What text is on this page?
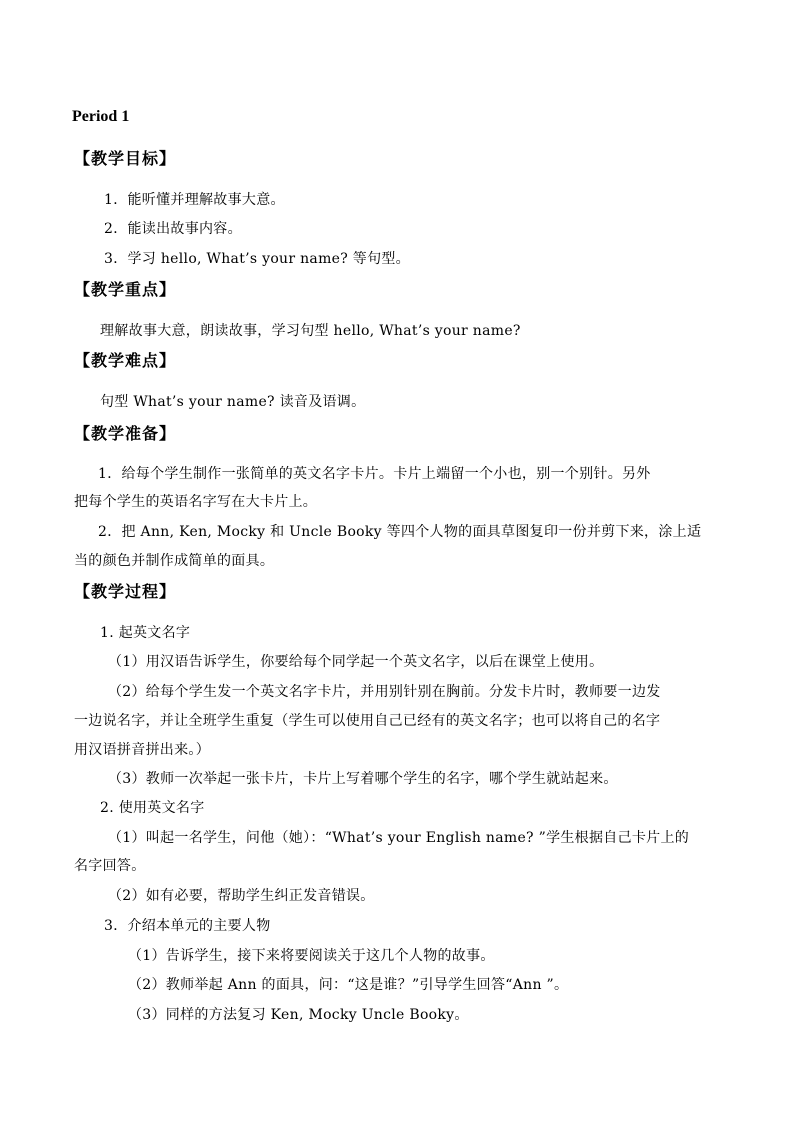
Period 1
【教学目标】
1．能听懂并理解故事大意。
2．能读出故事内容。
3．学习 hello, What’s your name? 等句型。
【教学重点】
理解故事大意，朗读故事，学习句型 hello, What’s your name?
【教学难点】
句型 What’s your name? 读音及语调。
【教学准备】
1．给每个学生制作一张简单的英文名字卡片。卡片上端留一个小也，别一个别针。另外
把每个学生的英语名字写在大卡片上。
2．把 Ann, Ken, Mocky 和 Uncle Booky 等四个人物的面具草图复印一份并剪下来，涂上适
当的颜色并制作成简单的面具。
【教学过程】
1. 起英文名字
（1）用汉语告诉学生，你要给每个同学起一个英文名字，以后在课堂上使用。
（2）给每个学生发一个英文名字卡片，并用别针别在胸前。分发卡片时，教师要一边发
一边说名字，并让全班学生重复（学生可以使用自己已经有的英文名字；也可以将自己的名字
用汉语拼音拼出来。）
（3）教师一次举起一张卡片，卡片上写着哪个学生的名字，哪个学生就站起来。
2. 使用英文名字
（1）叫起一名学生，问他（她）：“What’s your English name? ”学生根据自己卡片上的
名字回答。
（2）如有必要，帮助学生纠正发音错误。
3．介绍本单元的主要人物
（1）告诉学生，接下来将要阅读关于这几个人物的故事。
（2）教师举起 Ann 的面具，问：“这是谁？”引导学生回答“Ann ”。
（3）同样的方法复习 Ken, Mocky Uncle Booky。
